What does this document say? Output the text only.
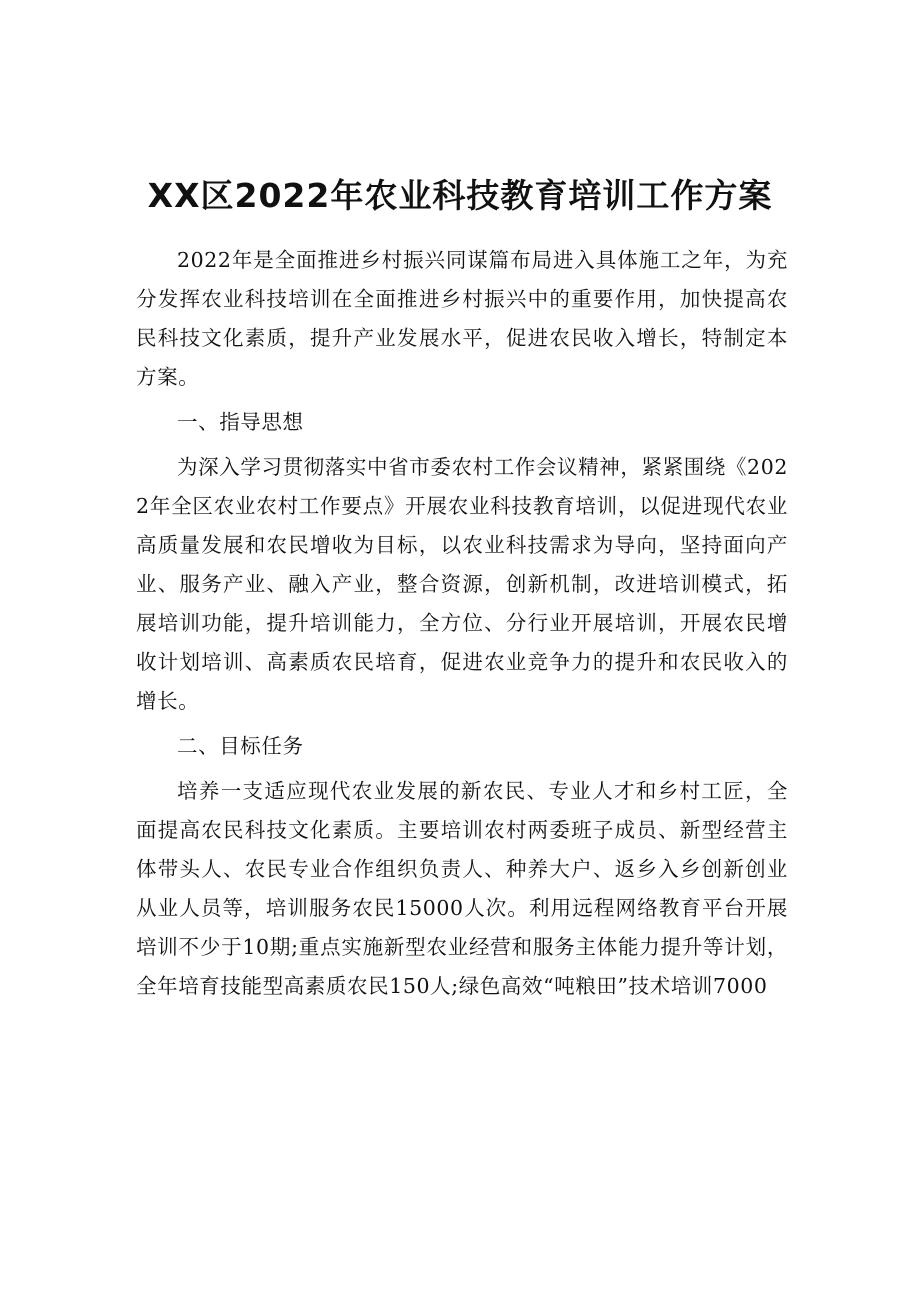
XX区2022年农业科技教育培训工作方案

2022年是全面推进乡村振兴同谋篇布局进入具体施工之年，为充分发挥农业科技培训在全面推进乡村振兴中的重要作用，加快提高农民科技文化素质，提升产业发展水平，促进农民收入增长，特制定本方案。

一、指导思想

为深入学习贯彻落实中省市委农村工作会议精神，紧紧围绕《2022年全区农业农村工作要点》开展农业科技教育培训，以促进现代农业高质量发展和农民增收为目标，以农业科技需求为导向，坚持面向产业、服务产业、融入产业，整合资源，创新机制，改进培训模式，拓展培训功能，提升培训能力，全方位、分行业开展培训，开展农民增收计划培训、高素质农民培育，促进农业竞争力的提升和农民收入的增长。

二、目标任务

培养一支适应现代农业发展的新农民、专业人才和乡村工匠，全面提高农民科技文化素质。主要培训农村两委班子成员、新型经营主体带头人、农民专业合作组织负责人、种养大户、返乡入乡创新创业从业人员等，培训服务农民15000人次。利用远程网络教育平台开展培训不少于10期;重点实施新型农业经营和服务主体能力提升等计划，全年培育技能型高素质农民150人;绿色高效“吨粮田”技术培训7000
